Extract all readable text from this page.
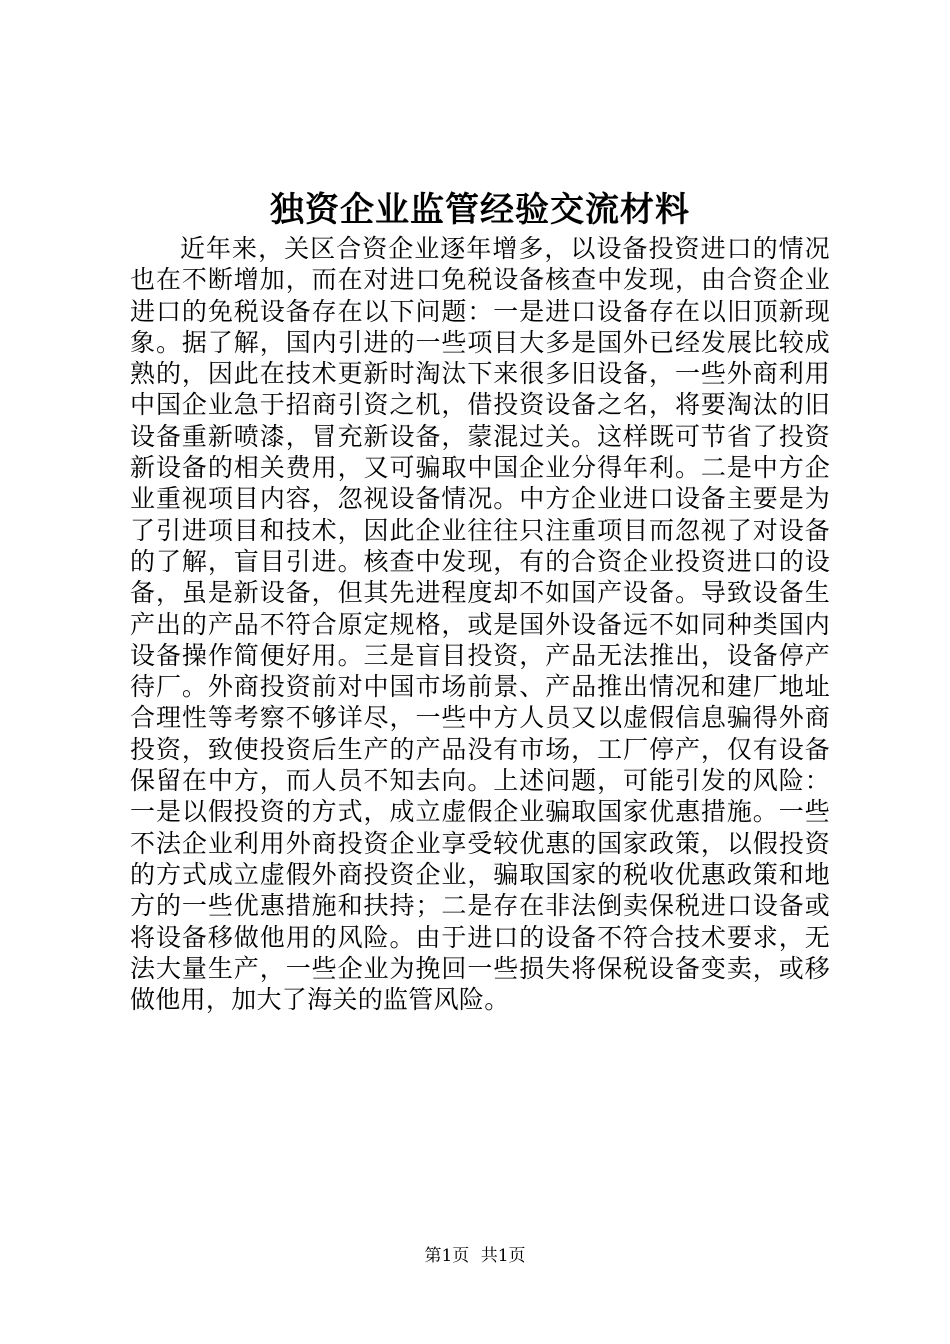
独资企业监管经验交流材料

近年来，关区合资企业逐年增多，以设备投资进口的情况也在不断增加，而在对进口免税设备核查中发现，由合资企业进口的免税设备存在以下问题：一是进口设备存在以旧顶新现象。据了解，国内引进的一些项目大多是国外已经发展比较成熟的，因此在技术更新时淘汰下来很多旧设备，一些外商利用中国企业急于招商引资之机，借投资设备之名，将要淘汰的旧设备重新喷漆，冒充新设备，蒙混过关。这样既可节省了投资新设备的相关费用，又可骗取中国企业分得年利。二是中方企业重视项目内容，忽视设备情况。中方企业进口设备主要是为了引进项目和技术，因此企业往往只注重项目而忽视了对设备的了解，盲目引进。核查中发现，有的合资企业投资进口的设备，虽是新设备，但其先进程度却不如国产设备。导致设备生产出的产品不符合原定规格，或是国外设备远不如同种类国内设备操作简便好用。三是盲目投资，产品无法推出，设备停产待厂。外商投资前对中国市场前景、产品推出情况和建厂地址合理性等考察不够详尽，一些中方人员又以虚假信息骗得外商投资，致使投资后生产的产品没有市场，工厂停产，仅有设备保留在中方，而人员不知去向。上述问题，可能引发的风险：一是以假投资的方式，成立虚假企业骗取国家优惠措施。一些不法企业利用外商投资企业享受较优惠的国家政策，以假投资的方式成立虚假外商投资企业，骗取国家的税收优惠政策和地方的一些优惠措施和扶持；二是存在非法倒卖保税进口设备或将设备移做他用的风险。由于进口的设备不符合技术要求，无法大量生产，一些企业为挽回一些损失将保税设备变卖，或移做他用，加大了海关的监管风险。

第1页 共1页
